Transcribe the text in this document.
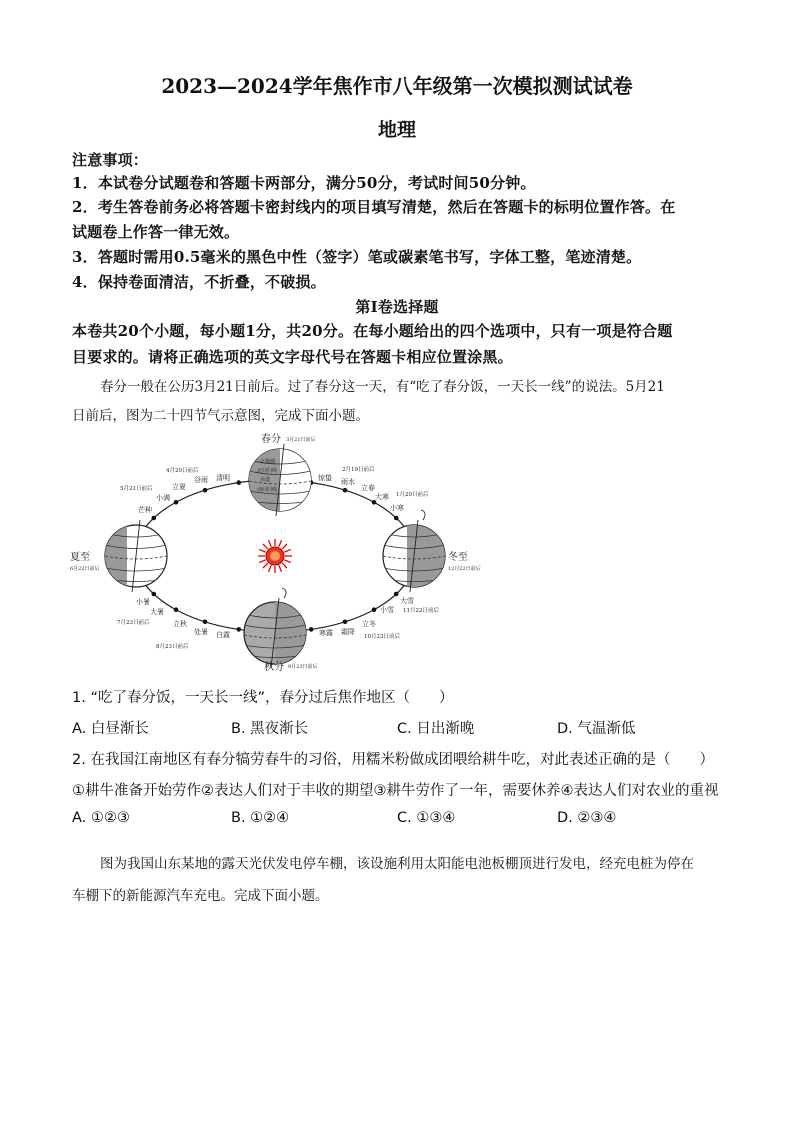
2023—2024学年焦作市八年级第一次模拟测试试卷
地理
注意事项：
1．本试卷分试题卷和答题卡两部分，满分50分，考试时间50分钟。
2．考生答卷前务必将答题卡密封线内的项目填写清楚，然后在答题卡的标明位置作答。在
试题卷上作答一律无效。
3．答题时需用0.5毫米的黑色中性（签字）笔或碳素笔书写，字体工整，笔迹清楚。
4．保持卷面清洁，不折叠，不破损。
第Ⅰ卷选择题
本卷共20个小题，每小题1分，共20分。在每小题给出的四个选项中，只有一项是符合题
目要求的。请将正确选项的英文字母代号在答题卡相应位置涂黑。
春分一般在公历3月21日前后。过了春分这一天，有“吃了春分饭，一天长一线”的说法。5月21
日前后，图为二十四节气示意图，完成下面小题。
春分 3月21日前后
北极圈
北回归线
赤道
南回归线
夏至
6月22日前后
冬至
12月22日前后
秋分 9月23日前后
谷雨 清明
立夏
小满
芒种
4月20日前后
5月21日前后
惊蛰 雨水
立春
大寒
小寒
2月19日前后
1月20日前后
小暑
大暑
立秋
处暑 白露
7月23日前后
8月23日前后
大雪
小雪
立冬
霜降
寒露
11月22日前后
10月23日前后
1. “吃了春分饭，一天长一线”，春分过后焦作地区（　　）
A. 白昼渐长	B. 黑夜渐长	C. 日出渐晚	D. 气温渐低
2. 在我国江南地区有春分犒劳春牛的习俗，用糯米粉做成团喂给耕牛吃，对此表述正确的是（　　）
①耕牛准备开始劳作②表达人们对于丰收的期望③耕牛劳作了一年，需要休养④表达人们对农业的重视
A. ①②③	B. ①②④	C. ①③④	D. ②③④
图为我国山东某地的露天光伏发电停车棚，该设施利用太阳能电池板棚顶进行发电，经充电桩为停在
车棚下的新能源汽车充电。完成下面小题。
